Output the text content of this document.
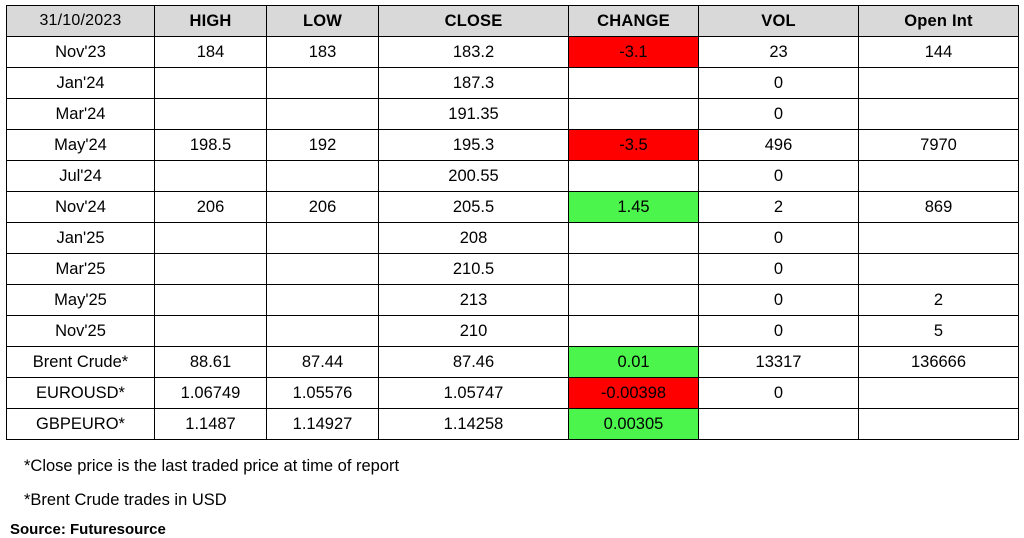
31/10/2023	HIGH	LOW	CLOSE	CHANGE	VOL	Open Int
Nov'23	184	183	183.2	-3.1	23	144
Jan'24			187.3		0	
Mar'24			191.35		0	
May'24	198.5	192	195.3	-3.5	496	7970
Jul'24			200.55		0	
Nov'24	206	206	205.5	1.45	2	869
Jan'25			208		0	
Mar'25			210.5		0	
May'25			213		0	2
Nov'25			210		0	5
Brent Crude*	88.61	87.44	87.46	0.01	13317	136666
EUROUSD*	1.06749	1.05576	1.05747	-0.00398	0	
GBPEURO*	1.1487	1.14927	1.14258	0.00305		

*Close price is the last traded price at time of report

*Brent Crude trades in USD

Source: Futuresource
